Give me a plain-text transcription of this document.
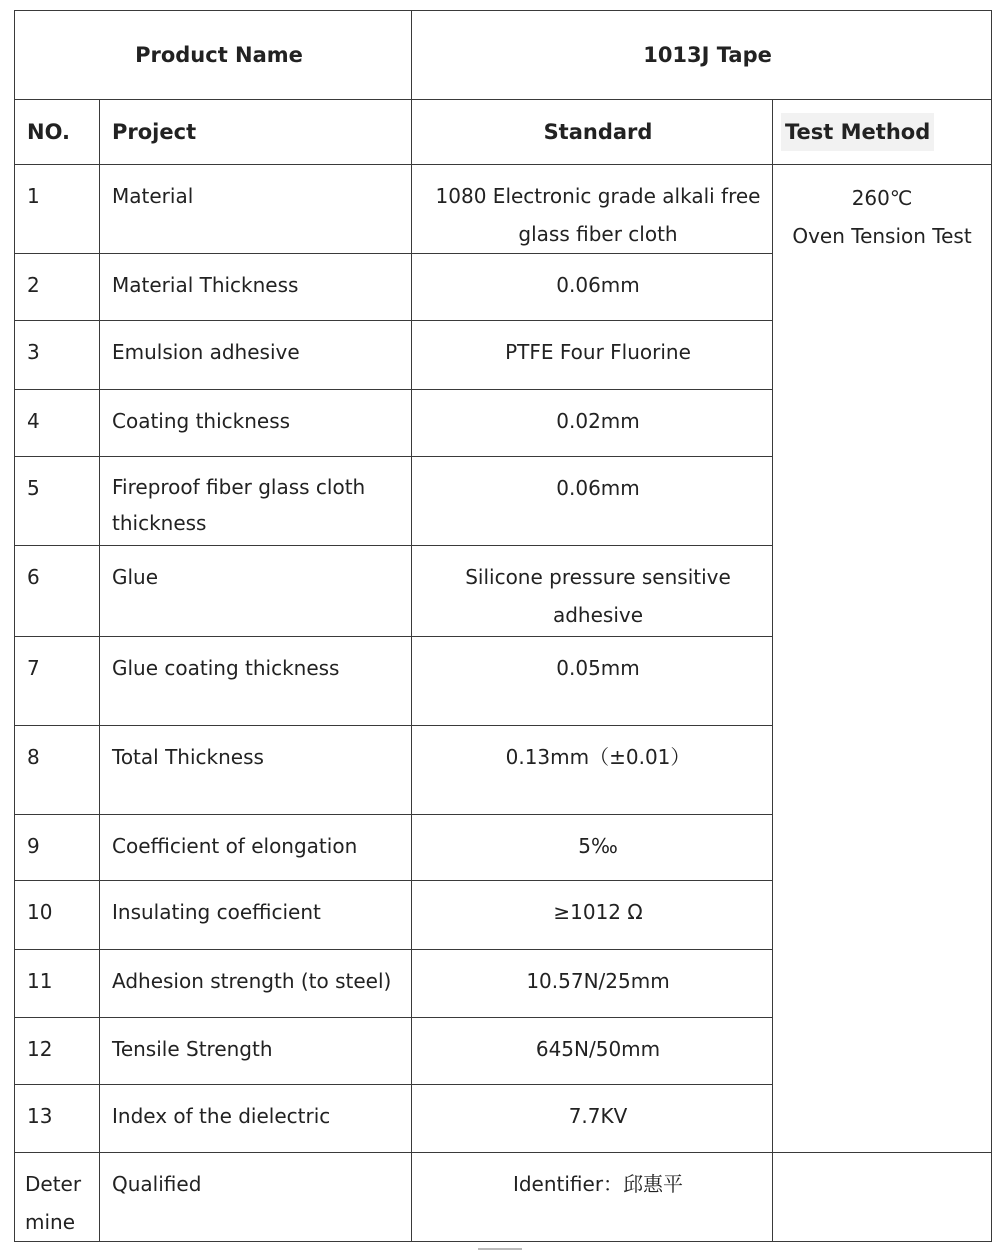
Product Name		1013J Tape	
NO.	Project	Standard	Test Method
1	Material	1080 Electronic grade alkali free glass fiber cloth	260℃
Oven Tension Test

2	Material Thickness	0.06mm	
3	Emulsion adhesive	PTFE Four Fluorine	
4	Coating thickness	0.02mm	
5	Fireproof fiber glass cloth thickness	0.06mm	
6	Glue	Silicone pressure sensitive adhesive	
7	Glue coating thickness	0.05mm	
8	Total Thickness	0.13mm（±0.01）	
9	Coefficient of elongation	5‰	
10	Insulating coefficient	≥1012 Ω	
11	Adhesion strength (to steel)	10.57N/25mm	
12	Tensile Strength	645N/50mm	
13	Index of the dielectric	7.7KV	
Deter mine	Qualified	Identifier：邱惠平	
